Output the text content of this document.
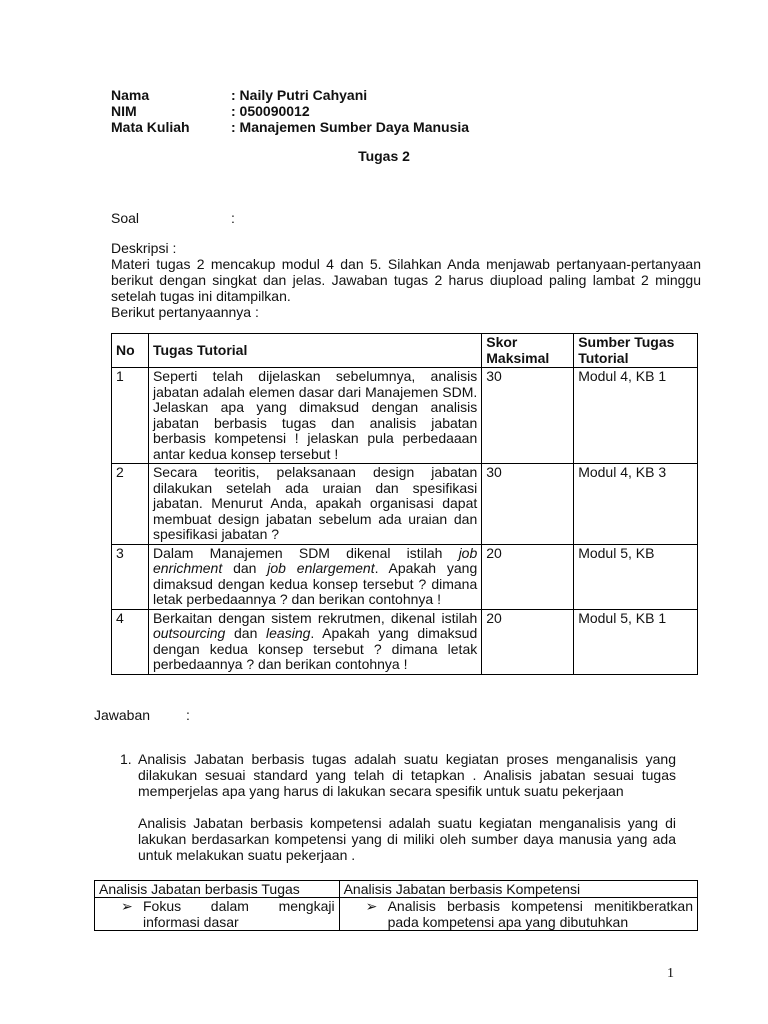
Nama	: Naily Putri Cahyani
NIM	: 050090012
Mata Kuliah	: Manajemen Sumber Daya Manusia
Tugas 2
Soal	:

Deskripsi :

Materi tugas 2 mencakup modul 4 dan 5. Silahkan Anda menjawab pertanyaan-pertanyaan berikut dengan singkat dan jelas. Jawaban tugas 2 harus diupload paling lambat 2 minggu setelah tugas ini ditampilkan.

Berikut pertanyaannya :

No	Tugas Tutorial	Skor Maksimal	Sumber Tugas Tutorial
1	Seperti telah dijelaskan sebelumnya, analisis jabatan adalah elemen dasar dari Manajemen SDM. Jelaskan apa yang dimaksud dengan analisis jabatan berbasis tugas dan analisis jabatan berbasis kompetensi ! jelaskan pula perbedaaan antar kedua konsep tersebut !	30	Modul 4, KB 1
2	Secara teoritis, pelaksanaan design jabatan dilakukan setelah ada uraian dan spesifikasi jabatan. Menurut Anda, apakah organisasi dapat membuat design jabatan sebelum ada uraian dan spesifikasi jabatan ?	30	Modul 4, KB 3
3	Dalam Manajemen SDM dikenal istilah job enrichment dan job enlargement. Apakah yang dimaksud dengan kedua konsep tersebut ? dimana letak perbedaannya ? dan berikan contohnya !	20	Modul 5, KB
4	Berkaitan dengan sistem rekrutmen, dikenal istilah outsourcing dan leasing. Apakah yang dimaksud dengan kedua konsep tersebut ? dimana letak perbedaannya ? dan berikan contohnya !	20	Modul 5, KB 1
Jawaban	:
1. Analisis Jabatan berbasis tugas adalah suatu kegiatan proses menganalisis yang dilakukan sesuai standard yang telah di tetapkan . Analisis jabatan sesuai tugas memperjelas apa yang harus di lakukan secara spesifik untuk suatu pekerjaan

Analisis Jabatan berbasis kompetensi adalah suatu kegiatan menganalisis yang di lakukan berdasarkan kompetensi yang di miliki oleh sumber daya manusia yang ada untuk melakukan suatu pekerjaan .

Analisis Jabatan berbasis Tugas	Analisis Jabatan berbasis Kompetensi

➢ Fokus dalam mengkaji informasi dasar	➢ Analisis berbasis kompetensi menitikberatkan pada kompetensi apa yang dibutuhkan
1
